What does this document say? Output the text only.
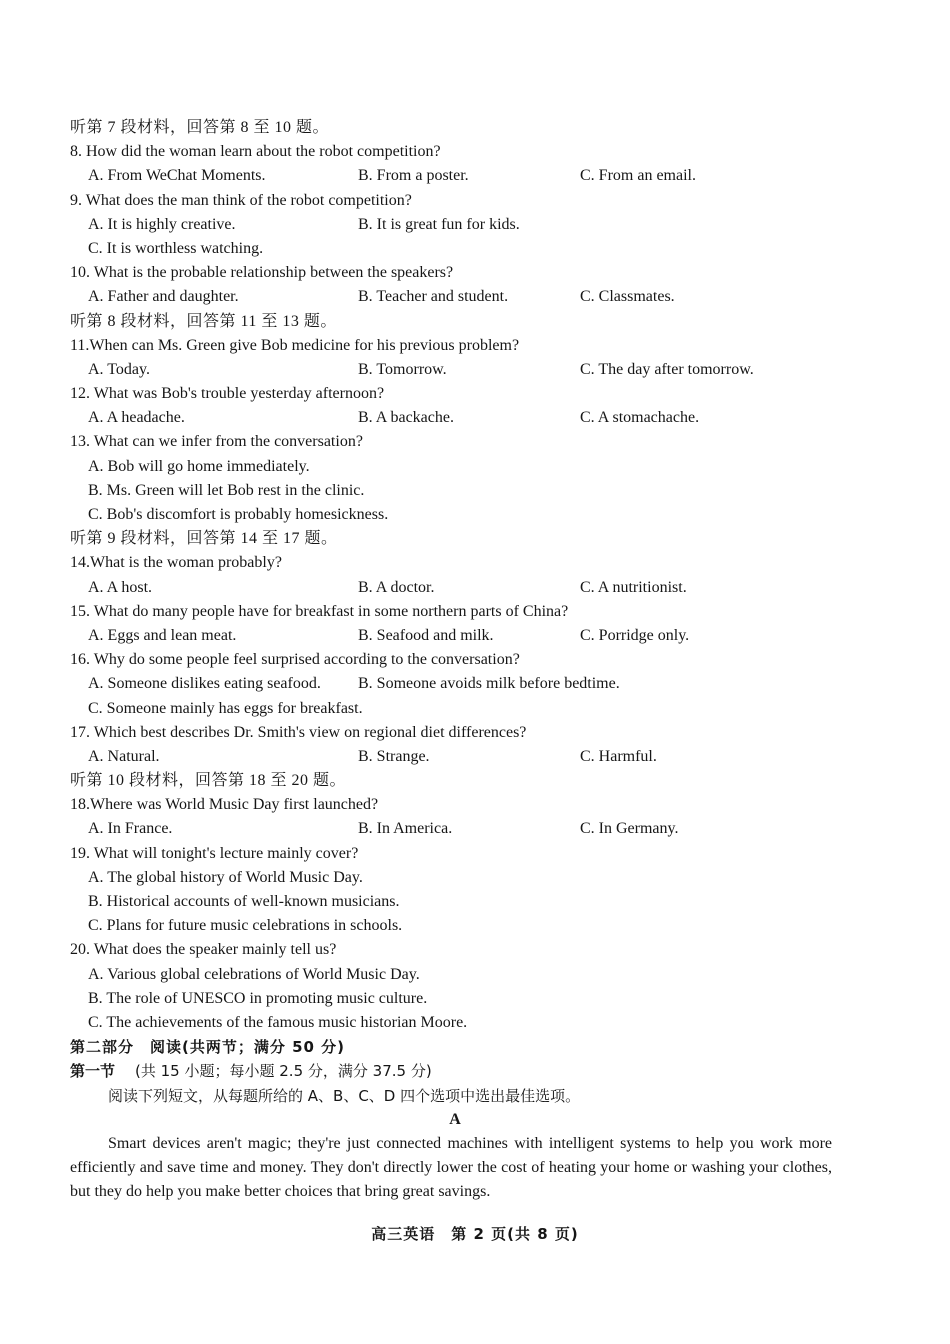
听第 7 段材料，回答第 8 至 10 题。
8. How did the woman learn about the robot competition?
A. From WeChat Moments.	B. From a poster.	C. From an email.
9. What does the man think of the robot competition?
A. It is highly creative.	B. It is great fun for kids.
C. It is worthless watching.
10. What is the probable relationship between the speakers?
A. Father and daughter.	B. Teacher and student.	C. Classmates.
听第 8 段材料，回答第 11 至 13 题。
11.When can Ms. Green give Bob medicine for his previous problem?
A. Today.	B. Tomorrow.	C. The day after tomorrow.
12. What was Bob's trouble yesterday afternoon?
A. A headache.	B. A backache.	C. A stomachache.
13. What can we infer from the conversation?
A. Bob will go home immediately.
B. Ms. Green will let Bob rest in the clinic.
C. Bob's discomfort is probably homesickness.
听第 9 段材料，回答第 14 至 17 题。
14.What is the woman probably?
A. A host.	B. A doctor.	C. A nutritionist.
15. What do many people have for breakfast in some northern parts of China?
A. Eggs and lean meat.	B. Seafood and milk.	C. Porridge only.
16. Why do some people feel surprised according to the conversation?
A. Someone dislikes eating seafood.	B. Someone avoids milk before bedtime.
C. Someone mainly has eggs for breakfast.
17. Which best describes Dr. Smith's view on regional diet differences?
A. Natural.	B. Strange.	C. Harmful.
听第 10 段材料，回答第 18 至 20 题。
18.Where was World Music Day first launched?
A. In France.	B. In America.	C. In Germany.
19. What will tonight's lecture mainly cover?
A. The global history of World Music Day.
B. Historical accounts of well-known musicians.
C. Plans for future music celebrations in schools.
20. What does the speaker mainly tell us?
A. Various global celebrations of World Music Day.
B. The role of UNESCO in promoting music culture.
C. The achievements of the famous music historian Moore.
第二部分　阅读(共两节；满分 50 分)
第一节 (共 15 小题；每小题 2.5 分，满分 37.5 分)
阅读下列短文，从每题所给的 A、B、C、D 四个选项中选出最佳选项。
A
Smart devices aren't magic; they're just connected machines with intelligent systems to help you work more efficiently and save time and money. They don't directly lower the cost of heating your home or washing your clothes, but they do help you make better choices that bring great savings.
高三英语　第 2 页(共 8 页)
